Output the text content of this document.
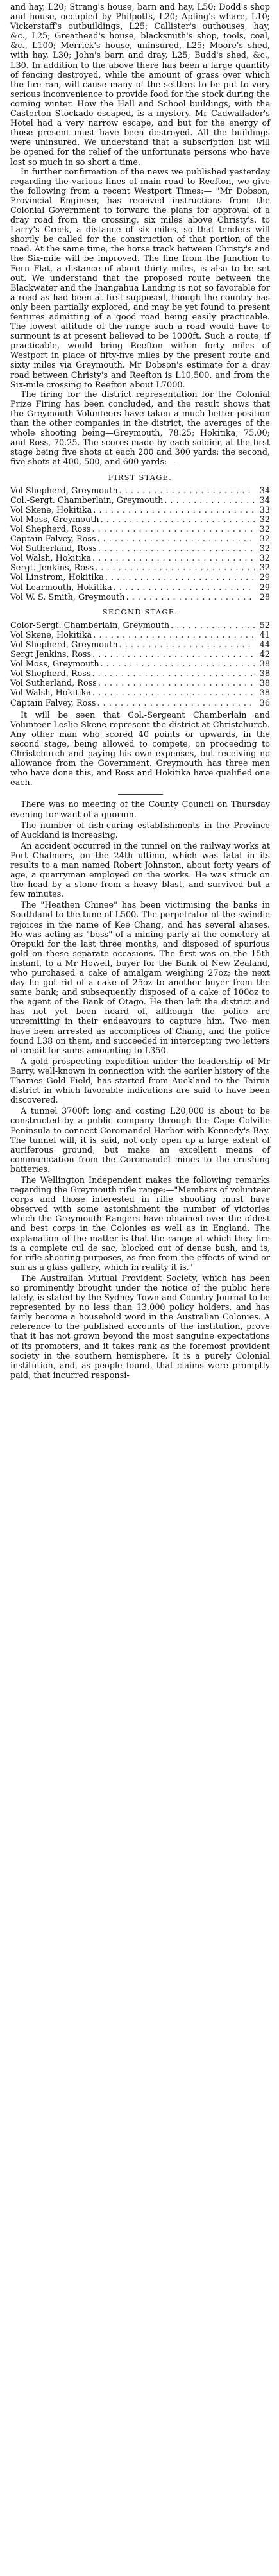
and hay, L20; Strang's house, barn and hay, L50; Dodd's shop and house, occupied by Philpotts, L20; Apling's whare, L10; Vickerstaff's outbuildings, L25; Callister's outhouses, hay, &c., L25; Greathead's house, blacksmith's shop, tools, coal, &c., L100; Merrick's house, uninsured, L25; Moore's shed, with hay, L30; John's barn and dray, L25; Budd's shed, &c., L30. In addition to the above there has been a large quantity of fencing destroyed, while the amount of grass over which the fire ran, will cause many of the settlers to be put to very serious inconvenience to provide food for the stock during the coming winter. How the Hall and School buildings, with the Casterton Stockade escaped, is a mystery. Mr Cadwallader's Hotel had a very narrow escape, and but for the energy of those present must have been destroyed. All the buildings were uninsured. We understand that a subscription list will be opened for the relief of the unfortunate persons who have lost so much in so short a time.

In further confirmation of the news we published yesterday regarding the various lines of main road to Reefton, we give the following from a recent Westport Times:— "Mr Dobson, Provincial Engineer, has received instructions from the Colonial Government to forward the plans for approval of a dray road from the crossing, six miles above Christy's, to Larry's Creek, a distance of six miles, so that tenders will shortly be called for the construction of that portion of the road. At the same time, the horse track between Christy's and the Six-mile will be improved. The line from the Junction to Fern Flat, a distance of about thirty miles, is also to be set out. We understand that the proposed route between the Blackwater and the Inangahua Landing is not so favorable for a road as had been at first supposed, though the country has only been partially explored, and may be yet found to present features admitting of a good road being easily practicable. The lowest altitude of the range such a road would have to surmount is at present believed to be 1000ft. Such a route, if practicable, would bring Reefton within forty miles of Westport in place of fifty-five miles by the present route and sixty miles via Greymouth. Mr Dobson's estimate for a dray road between Christy's and Reefton is L10,500, and from the Six-mile crossing to Reefton about L7000.

The firing for the district representation for the Colonial Prize Firing has been concluded, and the result shows that the Greymouth Volunteers have taken a much better position than the other companies in the district, the averages of the whole shooting being—Greymouth, 78.25; Hokitika, 75.00; and Ross, 70.25. The scores made by each soldier, at the first stage being five shots at each 200 and 300 yards; the second, five shots at 400, 500, and 600 yards:—

FIRST STAGE.
Vol Shepherd, Greymouth . . .	34
Col.-Sergt. Chamberlain, Greymouth . . .	34
Vol Skene, Hokitika . . .	33
Vol Moss, Greymouth . . .	32
Vol Shepherd, Ross . . .	32
Captain Falvey, Ross . . .	32
Vol Sutherland, Ross . . .	32
Vol Walsh, Hokitika . . .	32
Sergt. Jenkins, Ross . . .	32
Vol Linstrom, Hokitika . . .	29
Vol Learmouth, Hokitika . . .	29
Vol W. S. Smith, Greymouth . . .	28
SECOND STAGE.
Color-Sergt. Chamberlain, Greymouth . . .	52
Vol Skene, Hokitika . . .	41
Vol Shepherd, Greymouth . . .	44
Sergt Jenkins, Ross . . .	42
Vol Moss, Greymouth . . .	38
Vol Shepherd, Ross . . .	38
Vol Sutherland, Ross . . .	38
Vol Walsh, Hokitika . . .	38
Captain Falvey, Ross . . .	36

It will be seen that Col.-Sergeant Chamberlain and Volunteer Leslie Skene represent the district at Christchurch. Any other man who scored 40 points or upwards, in the second stage, being allowed to compete, on proceeding to Christchurch and paying his own expenses, but receiving no allowance from the Government. Greymouth has three men who have done this, and Ross and Hokitika have qualified one each.

There was no meeting of the County Council on Thursday evening for want of a quorum.

The number of fish-curing establishments in the Province of Auckland is increasing.

An accident occurred in the tunnel on the railway works at Port Chalmers, on the 24th ultimo, which was fatal in its results to a man named Robert Johnston, about forty years of age, a quarryman employed on the works. He was struck on the head by a stone from a heavy blast, and survived but a few minutes.

The "Heathen Chinee" has been victimising the banks in Southland to the tune of L500. The perpetrator of the swindle rejoices in the name of Kee Chang, and has several aliases. He was acting as "boss" of a mining party at the cemetery at Orepuki for the last three months, and disposed of spurious gold on these separate occasions. The first was on the 15th instant, to a Mr Howell, buyer for the Bank of New Zealand, who purchased a cake of amalgam weighing 27oz; the next day he got rid of a cake of 25oz to another buyer from the same bank; and subsequently disposed of a cake of 100oz to the agent of the Bank of Otago. He then left the district and has not yet been heard of, although the police are unremitting in their endeavours to capture him. Two men have been arrested as accomplices of Chang, and the police found L38 on them, and succeeded in intercepting two letters of credit for sums amounting to L350.

A gold prospecting expedition under the leadership of Mr Barry, well-known in connection with the earlier history of the Thames Gold Field, has started from Auckland to the Tairua district in which favorable indications are said to have been discovered.

A tunnel 3700ft long and costing L20,000 is about to be constructed by a public company through the Cape Colville Peninsula to connect Coromandel Harbor with Kennedy's Bay. The tunnel will, it is said, not only open up a large extent of auriferous ground, but make an excellent means of communication from the Coromandel mines to the crushing batteries.

The Wellington Independent makes the following remarks regarding the Greymouth rifle range:—"Members of volunteer corps and those interested in rifle shooting must have observed with some astonishment the number of victories which the Greymouth Rangers have obtained over the oldest and best corps in the Colonies as well as in England. The explanation of the matter is that the range at which they fire is a complete cul de sac, blocked out of dense bush, and is, for rifle shooting purposes, as free from the effects of wind or sun as a glass gallery, which in reality it is."

The Australian Mutual Provident Society, which has been so prominently brought under the notice of the public here lately, is stated by the Sydney Town and Country Journal to be represented by no less than 13,000 policy holders, and has fairly become a household word in the Australian Colonies. A reference to the published accounts of the institution, prove that it has not grown beyond the most sanguine expectations of its promoters, and it takes rank as the foremost provident society in the southern hemisphere. It is a purely Colonial institution, and, as people found, that claims were promptly paid, that incurred responsi-
